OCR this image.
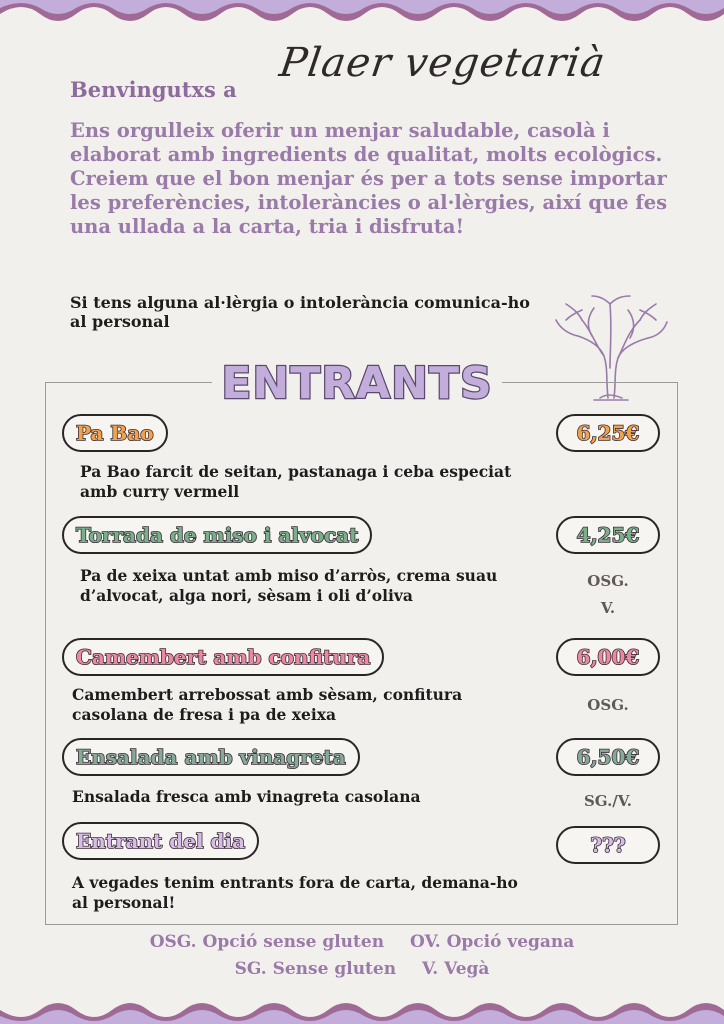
Benvingutxs a
Plaer vegetarià

Ens orgulleix oferir un menjar saludable, casolà i elaborat amb ingredients de qualitat, molts ecològics.

Creiem que el bon menjar és per a tots sense importar les preferències, intoleràncies o al·lèrgies, així que fes una ullada a la carta, tria i disfruta!

Si tens alguna al·lèrgia o intolerància comunica-ho al personal
ENTRANTS
Pa Bao	6,25€
Pa Bao farcit de seitan, pastanaga i ceba especiat amb curry vermell
Torrada de miso i alvocat	4,25€
Pa de xeixa untat amb miso d’arròs, crema suau d’alvocat, alga nori, sèsam i oli d’oliva
OSG.
V.
Camembert amb confitura	6,00€
Camembert arrebossat amb sèsam, confitura casolana de fresa i pa de xeixa	OSG.
Ensalada amb vinagreta	6,50€
Ensalada fresca amb vinagreta casolana	SG./V.
Entrant del dia	???
A vegades tenim entrants fora de carta, demana-ho al personal!
OSG. Opció sense gluten OV. Opció vegana
SG. Sense gluten V. Vegà
